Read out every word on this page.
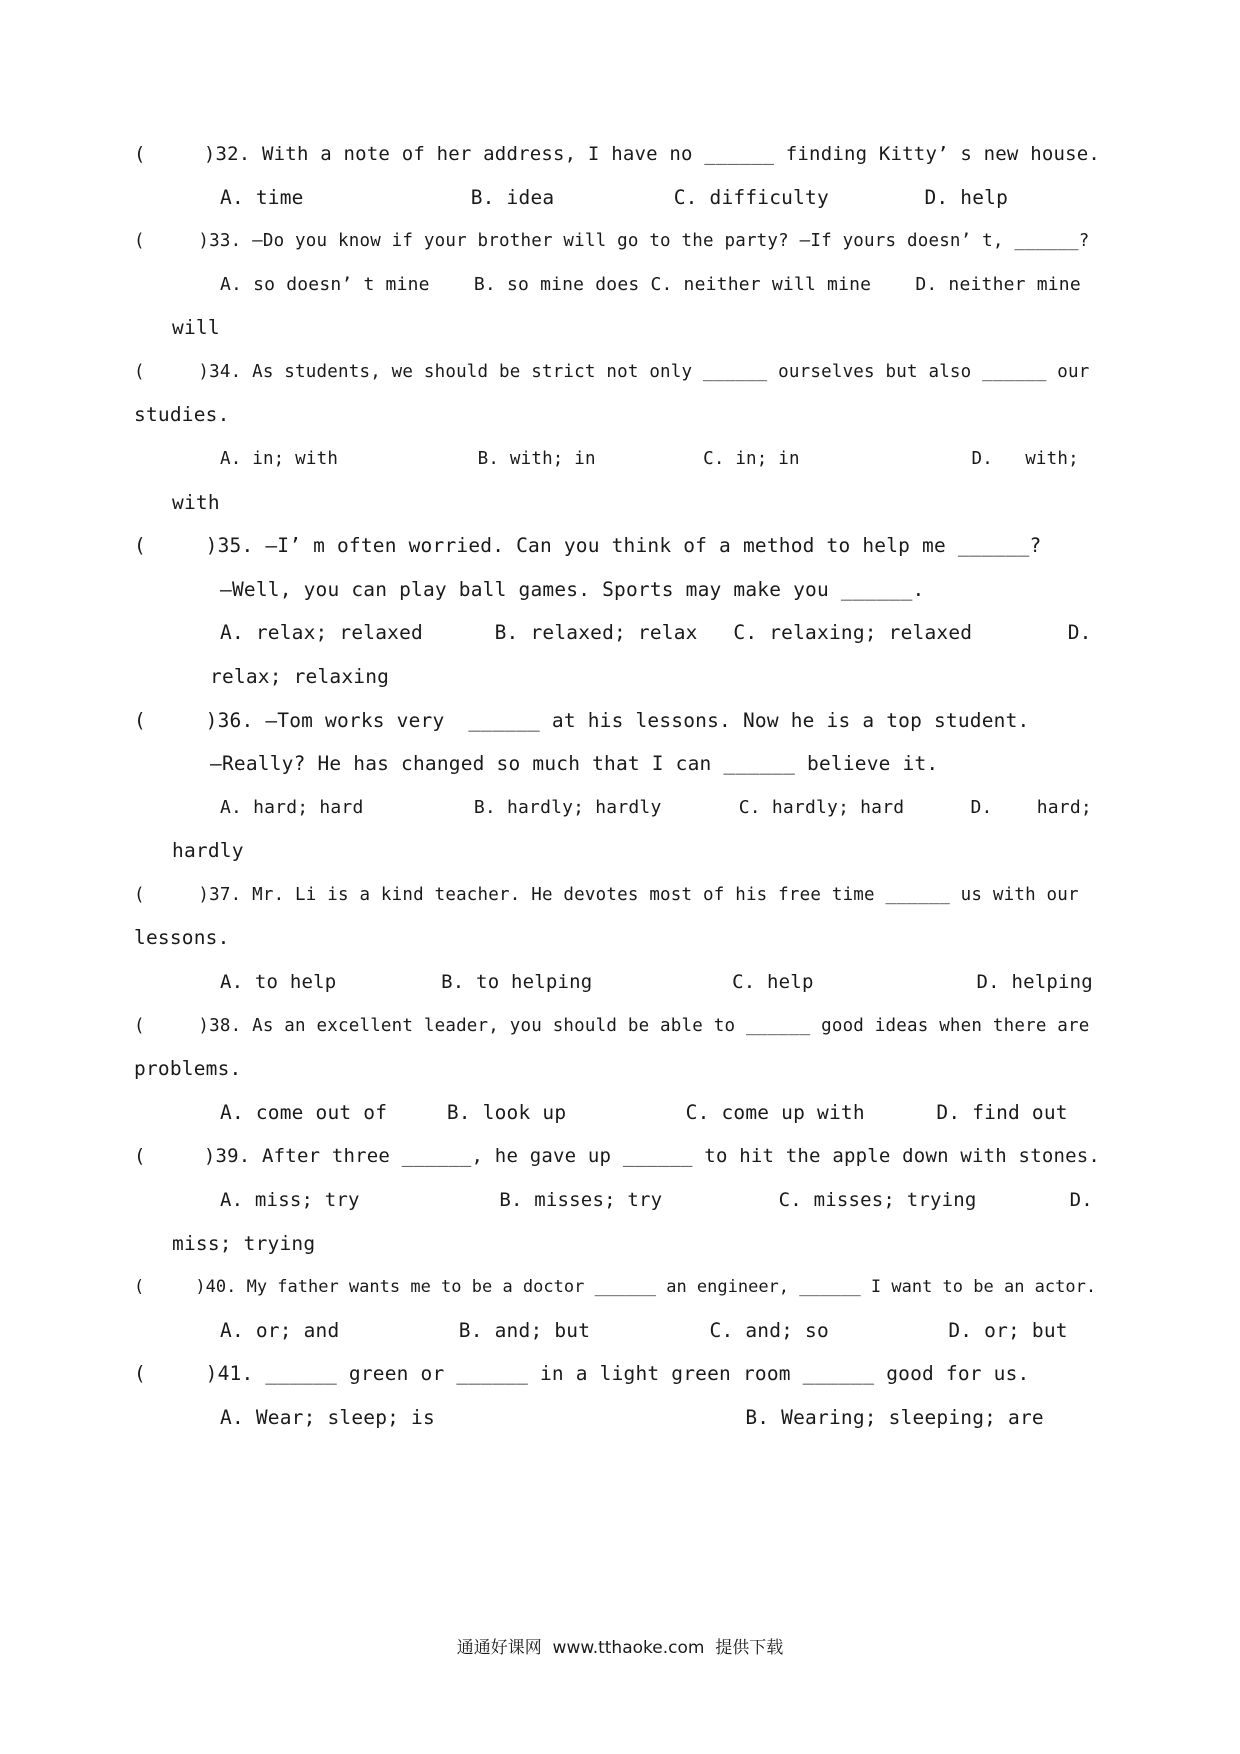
(     )32. With a note of her address, I have no ______ finding Kitty’ s new house.
A. time              B. idea          C. difficulty        D. help
(     )33. —Do you know if your brother will go to the party? —If yours doesn’ t, ______?
A. so doesn’ t mine    B. so mine does C. neither will mine    D. neither mine
will
(     )34. As students, we should be strict not only ______ ourselves but also ______ our
studies.
A. in; with             B. with; in          C. in; in                D.   with;
with
(     )35. —I’ m often worried. Can you think of a method to help me ______?
—Well, you can play ball games. Sports may make you ______.
A. relax; relaxed      B. relaxed; relax   C. relaxing; relaxed        D.
relax; relaxing
(     )36. —Tom works very  ______ at his lessons. Now he is a top student.
—Really? He has changed so much that I can ______ believe it.
A. hard; hard          B. hardly; hardly       C. hardly; hard      D.    hard;
hardly
(     )37. Mr. Li is a kind teacher. He devotes most of his free time ______ us with our
lessons.
A. to help         B. to helping            C. help              D. helping
(     )38. As an excellent leader, you should be able to ______ good ideas when there are
problems.
A. come out of     B. look up          C. come up with      D. find out
(     )39. After three ______, he gave up ______ to hit the apple down with stones.
A. miss; try            B. misses; try          C. misses; trying        D.
miss; trying
(     )40. My father wants me to be a doctor ______ an engineer, ______ I want to be an actor.
A. or; and          B. and; but          C. and; so          D. or; but
(     )41. ______ green or ______ in a light green room ______ good for us.
A. Wear; sleep; is                          B. Wearing; sleeping; are
通通好课网  www.tthaoke.com  提供下载
